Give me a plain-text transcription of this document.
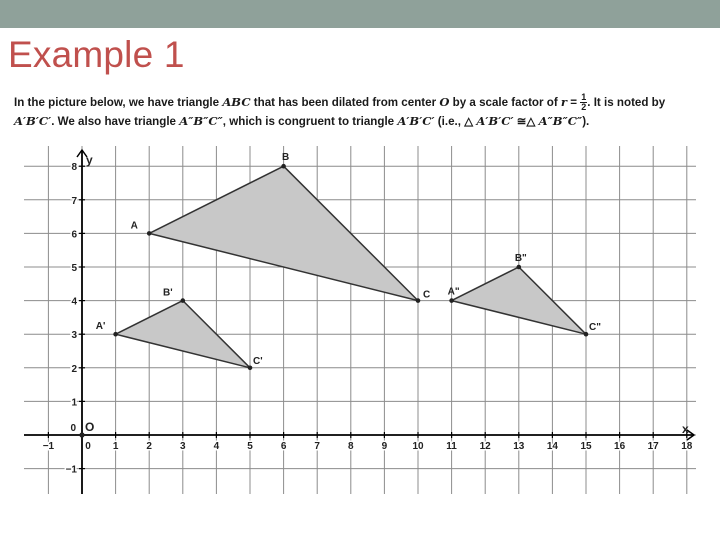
Example 1
In the picture below, we have triangle ABC that has been dilated from center O by a scale factor of $r = \frac{1}{2}$ . It is noted by
A′B′C′. We also have triangle A″B″C″, which is congruent to triangle A′B′C′ (i.e., △ A′B′C′ ≅△ A″B″C″).
−1	1	2	3	4	5	6	7	8	9	10 11 12 13 14 15 16 17 18
0
−1
0
1
2
3
4
5
6
7
8
y
x
O
A
B
C
A'
B'
C'
A"
B"
C"
